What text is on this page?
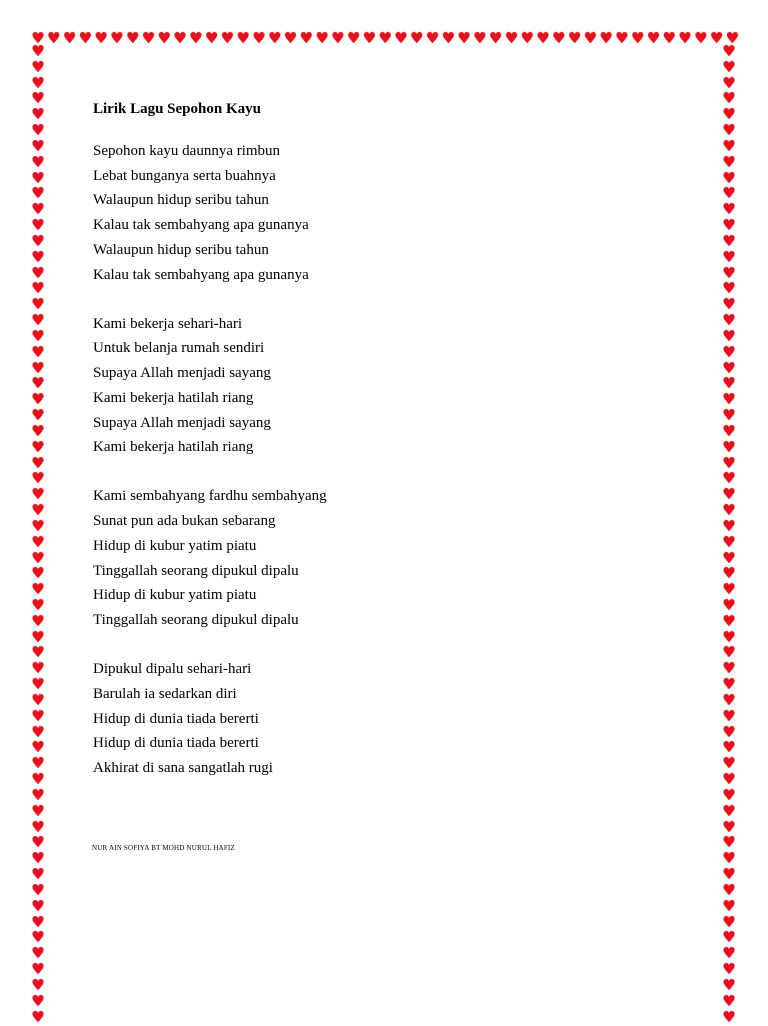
♥ ♥ ♥ ♥ ♥ ♥ ♥ ♥ ♥ ♥ ♥ ♥ ♥ ♥ ♥ ♥ ♥ ♥ ♥ ♥ ♥ ♥ ♥ ♥ ♥ ♥ ♥ ♥ ♥ ♥ ♥ ♥ ♥ ♥ ♥ ♥ ♥ ♥ ♥ ♥ ♥ ♥ ♥ ♥ ♥
♥
♥
♥
♥
♥
♥
♥
♥
♥
♥
♥
♥
♥
♥
♥
♥
♥
♥
♥
♥
♥
♥
♥
♥
♥
♥
♥
♥
♥
♥
♥
♥
♥
♥
♥
♥
♥
♥
♥
♥
♥
♥
♥
♥
♥
♥
♥
♥
♥
♥
♥
♥
♥
♥
♥
♥
♥
♥
♥
♥
♥
♥
♥
♥
♥
♥
♥
♥
♥
♥
♥
♥
♥
♥
♥
♥
♥
♥
♥
♥
♥
♥
♥
♥
♥
♥
♥
♥
♥
♥
♥
♥
♥
♥
♥
♥
♥
♥
♥
♥
♥
♥
♥
♥
♥
♥
♥
♥
♥
♥
♥
♥
♥
♥
♥
♥
♥
♥
♥
♥
♥
♥
♥
♥
Lirik Lagu Sepohon Kayu
Sepohon kayu daunnya rimbun
Lebat bunganya serta buahnya
Walaupun hidup seribu tahun
Kalau tak sembahyang apa gunanya
Walaupun hidup seribu tahun
Kalau tak sembahyang apa gunanya
Kami bekerja sehari-hari
Untuk belanja rumah sendiri
Supaya Allah menjadi sayang
Kami bekerja hatilah riang
Supaya Allah menjadi sayang
Kami bekerja hatilah riang
Kami sembahyang fardhu sembahyang
Sunat pun ada bukan sebarang
Hidup di kubur yatim piatu
Tinggallah seorang dipukul dipalu
Hidup di kubur yatim piatu
Tinggallah seorang dipukul dipalu
Dipukul dipalu sehari-hari
Barulah ia sedarkan diri
Hidup di dunia tiada bererti
Hidup di dunia tiada bererti
Akhirat di sana sangatlah rugi
NUR AIN SOFIYA BT MOHD NURUL HAFIZ
